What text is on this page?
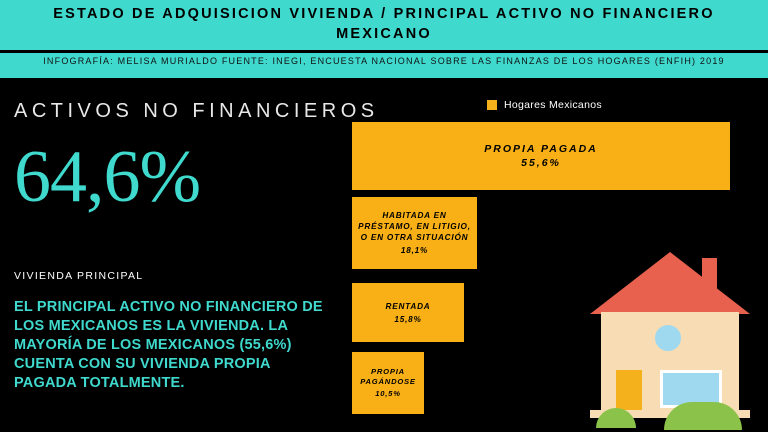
ESTADO DE ADQUISICION VIVIENDA / PRINCIPAL ACTIVO NO FINANCIERO MEXICANO
INFOGRAFÍA: MELISA MURIALDO FUENTE: INEGI, ENCUESTA NACIONAL SOBRE LAS FINANZAS DE LOS HOGARES (ENFIH) 2019
ACTIVOS NO FINANCIEROS
64,6%
VIVIENDA PRINCIPAL
EL PRINCIPAL ACTIVO NO FINANCIERO DE LOS MEXICANOS ES LA VIVIENDA. LA MAYORÍA DE LOS MEXICANOS (55,6%) CUENTA CON SU VIVIENDA PROPIA PAGADA TOTALMENTE.
Hogares Mexicanos
PROPIA PAGADA
55,6%
HABITADA EN PRÉSTAMO, EN LITIGIO, O EN OTRA SITUACIÓN
18,1%
RENTADA
15,8%
PROPIA PAGÁNDOSE
10,5%
